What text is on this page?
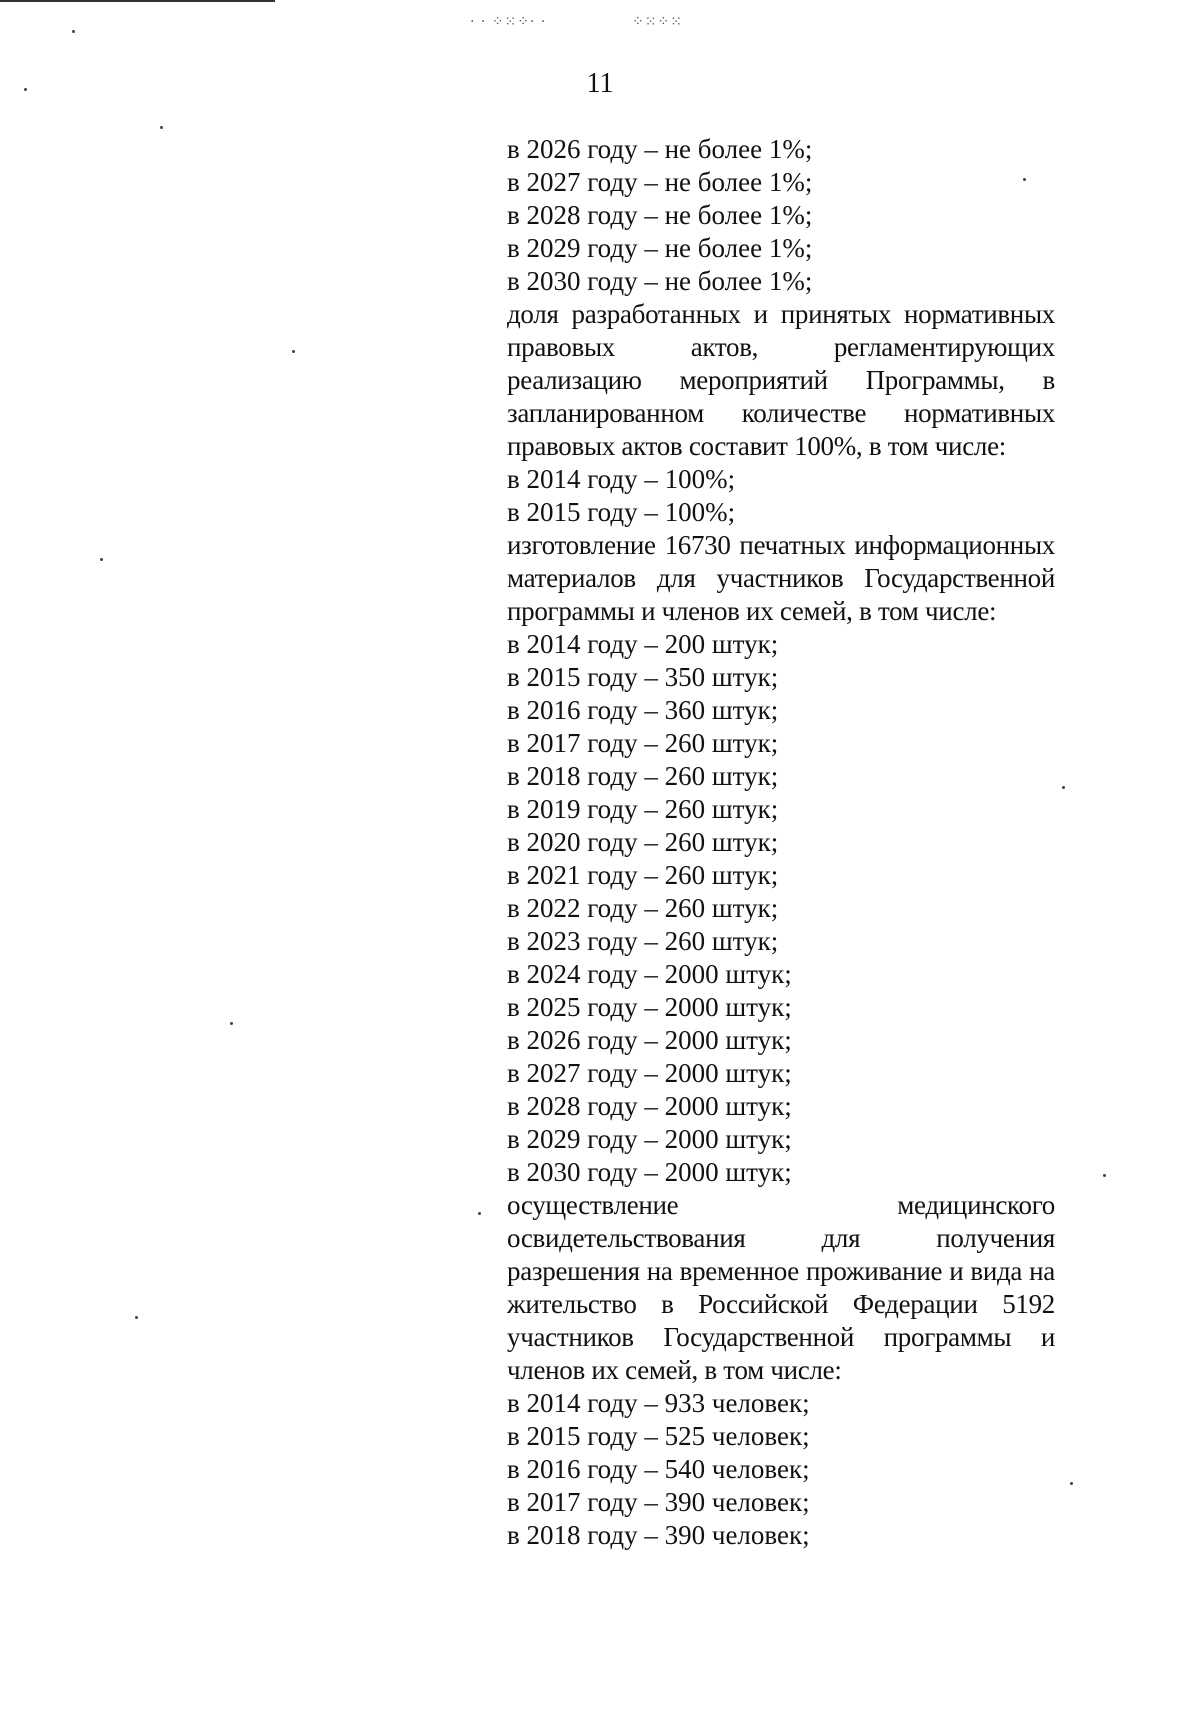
· · ⁘⁙⁘· ·	⁘⁙⁘⁙
11
в 2026 году – не более 1%;
в 2027 году – не более 1%;
в 2028 году – не более 1%;
в 2029 году – не более 1%;
в 2030 году – не более 1%;
доля разработанных и принятых нормативных правовых актов, регламентирующих реализацию мероприятий Программы, в запланированном количестве нормативных правовых актов составит 100%, в том числе:
в 2014 году – 100%;
в 2015 году – 100%;
изготовление 16730 печатных информационных материалов для участников Государственной программы и членов их семей, в том числе:
в 2014 году – 200 штук;
в 2015 году – 350 штук;
в 2016 году – 360 штук;
в 2017 году – 260 штук;
в 2018 году – 260 штук;
в 2019 году – 260 штук;
в 2020 году – 260 штук;
в 2021 году – 260 штук;
в 2022 году – 260 штук;
в 2023 году – 260 штук;
в 2024 году – 2000 штук;
в 2025 году – 2000 штук;
в 2026 году – 2000 штук;
в 2027 году – 2000 штук;
в 2028 году – 2000 штук;
в 2029 году – 2000 штук;
в 2030 году – 2000 штук;
осуществление медицинского освидетельствования для получения разрешения на временное проживание и вида на жительство в Российской Федерации 5192 участников Государственной программы и членов их семей, в том числе:
в 2014 году – 933 человек;
в 2015 году – 525 человек;
в 2016 году – 540 человек;
в 2017 году – 390 человек;
в 2018 году – 390 человек;
